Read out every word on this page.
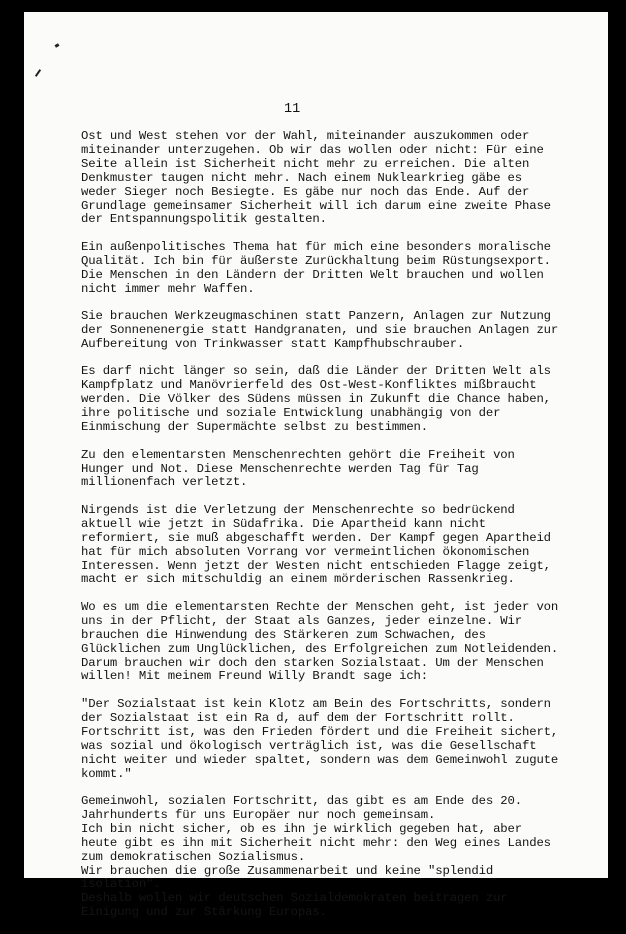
11
Ost und West stehen vor der Wahl, miteinander auszukommen oder
miteinander unterzugehen. Ob wir das wollen oder nicht: Für eine
Seite allein ist Sicherheit nicht mehr zu erreichen. Die alten
Denkmuster taugen nicht mehr. Nach einem Nuklearkrieg gäbe es
weder Sieger noch Besiegte. Es gäbe nur noch das Ende. Auf der
Grundlage gemeinsamer Sicherheit will ich darum eine zweite Phase
der Entspannungspolitik gestalten.
Ein außenpolitisches Thema hat für mich eine besonders moralische
Qualität. Ich bin für äußerste Zurückhaltung beim Rüstungsexport.
Die Menschen in den Ländern der Dritten Welt brauchen und wollen
nicht immer mehr Waffen.
Sie brauchen Werkzeugmaschinen statt Panzern, Anlagen zur Nutzung
der Sonnenenergie statt Handgranaten, und sie brauchen Anlagen zur
Aufbereitung von Trinkwasser statt Kampfhubschrauber.
Es darf nicht länger so sein, daß die Länder der Dritten Welt als
Kampfplatz und Manövrierfeld des Ost-West-Konfliktes mißbraucht
werden. Die Völker des Südens müssen in Zukunft die Chance haben,
ihre politische und soziale Entwicklung unabhängig von der
Einmischung der Supermächte selbst zu bestimmen.
Zu den elementarsten Menschenrechten gehört die Freiheit von
Hunger und Not. Diese Menschenrechte werden Tag für Tag
millionenfach verletzt.
Nirgends ist die Verletzung der Menschenrechte so bedrückend
aktuell wie jetzt in Südafrika. Die Apartheid kann nicht
reformiert, sie muß abgeschafft werden. Der Kampf gegen Apartheid
hat für mich absoluten Vorrang vor vermeintlichen ökonomischen
Interessen. Wenn jetzt der Westen nicht entschieden Flagge zeigt,
macht er sich mitschuldig an einem mörderischen Rassenkrieg.
Wo es um die elementarsten Rechte der Menschen geht, ist jeder von
uns in der Pflicht, der Staat als Ganzes, jeder einzelne. Wir
brauchen die Hinwendung des Stärkeren zum Schwachen, des
Glücklichen zum Unglücklichen, des Erfolgreichen zum Notleidenden.
Darum brauchen wir doch den starken Sozialstaat. Um der Menschen
willen! Mit meinem Freund Willy Brandt sage ich:
"Der Sozialstaat ist kein Klotz am Bein des Fortschritts, sondern
der Sozialstaat ist ein Ra d, auf dem der Fortschritt rollt.
Fortschritt ist, was den Frieden fördert und die Freiheit sichert,
was sozial und ökologisch verträglich ist, was die Gesellschaft
nicht weiter und wieder spaltet, sondern was dem Gemeinwohl zugute
kommt."
Gemeinwohl, sozialen Fortschritt, das gibt es am Ende des 20.
Jahrhunderts für uns Europäer nur noch gemeinsam.
Ich bin nicht sicher, ob es ihn je wirklich gegeben hat, aber
heute gibt es ihn mit Sicherheit nicht mehr: den Weg eines Landes
zum demokratischen Sozialismus.
Wir brauchen die große Zusammenarbeit und keine "splendid
isolation".
Deshalb wollen wir deutschen Sozialdemokraten beitragen zur
Einigung und zur Stärkung Europas.
